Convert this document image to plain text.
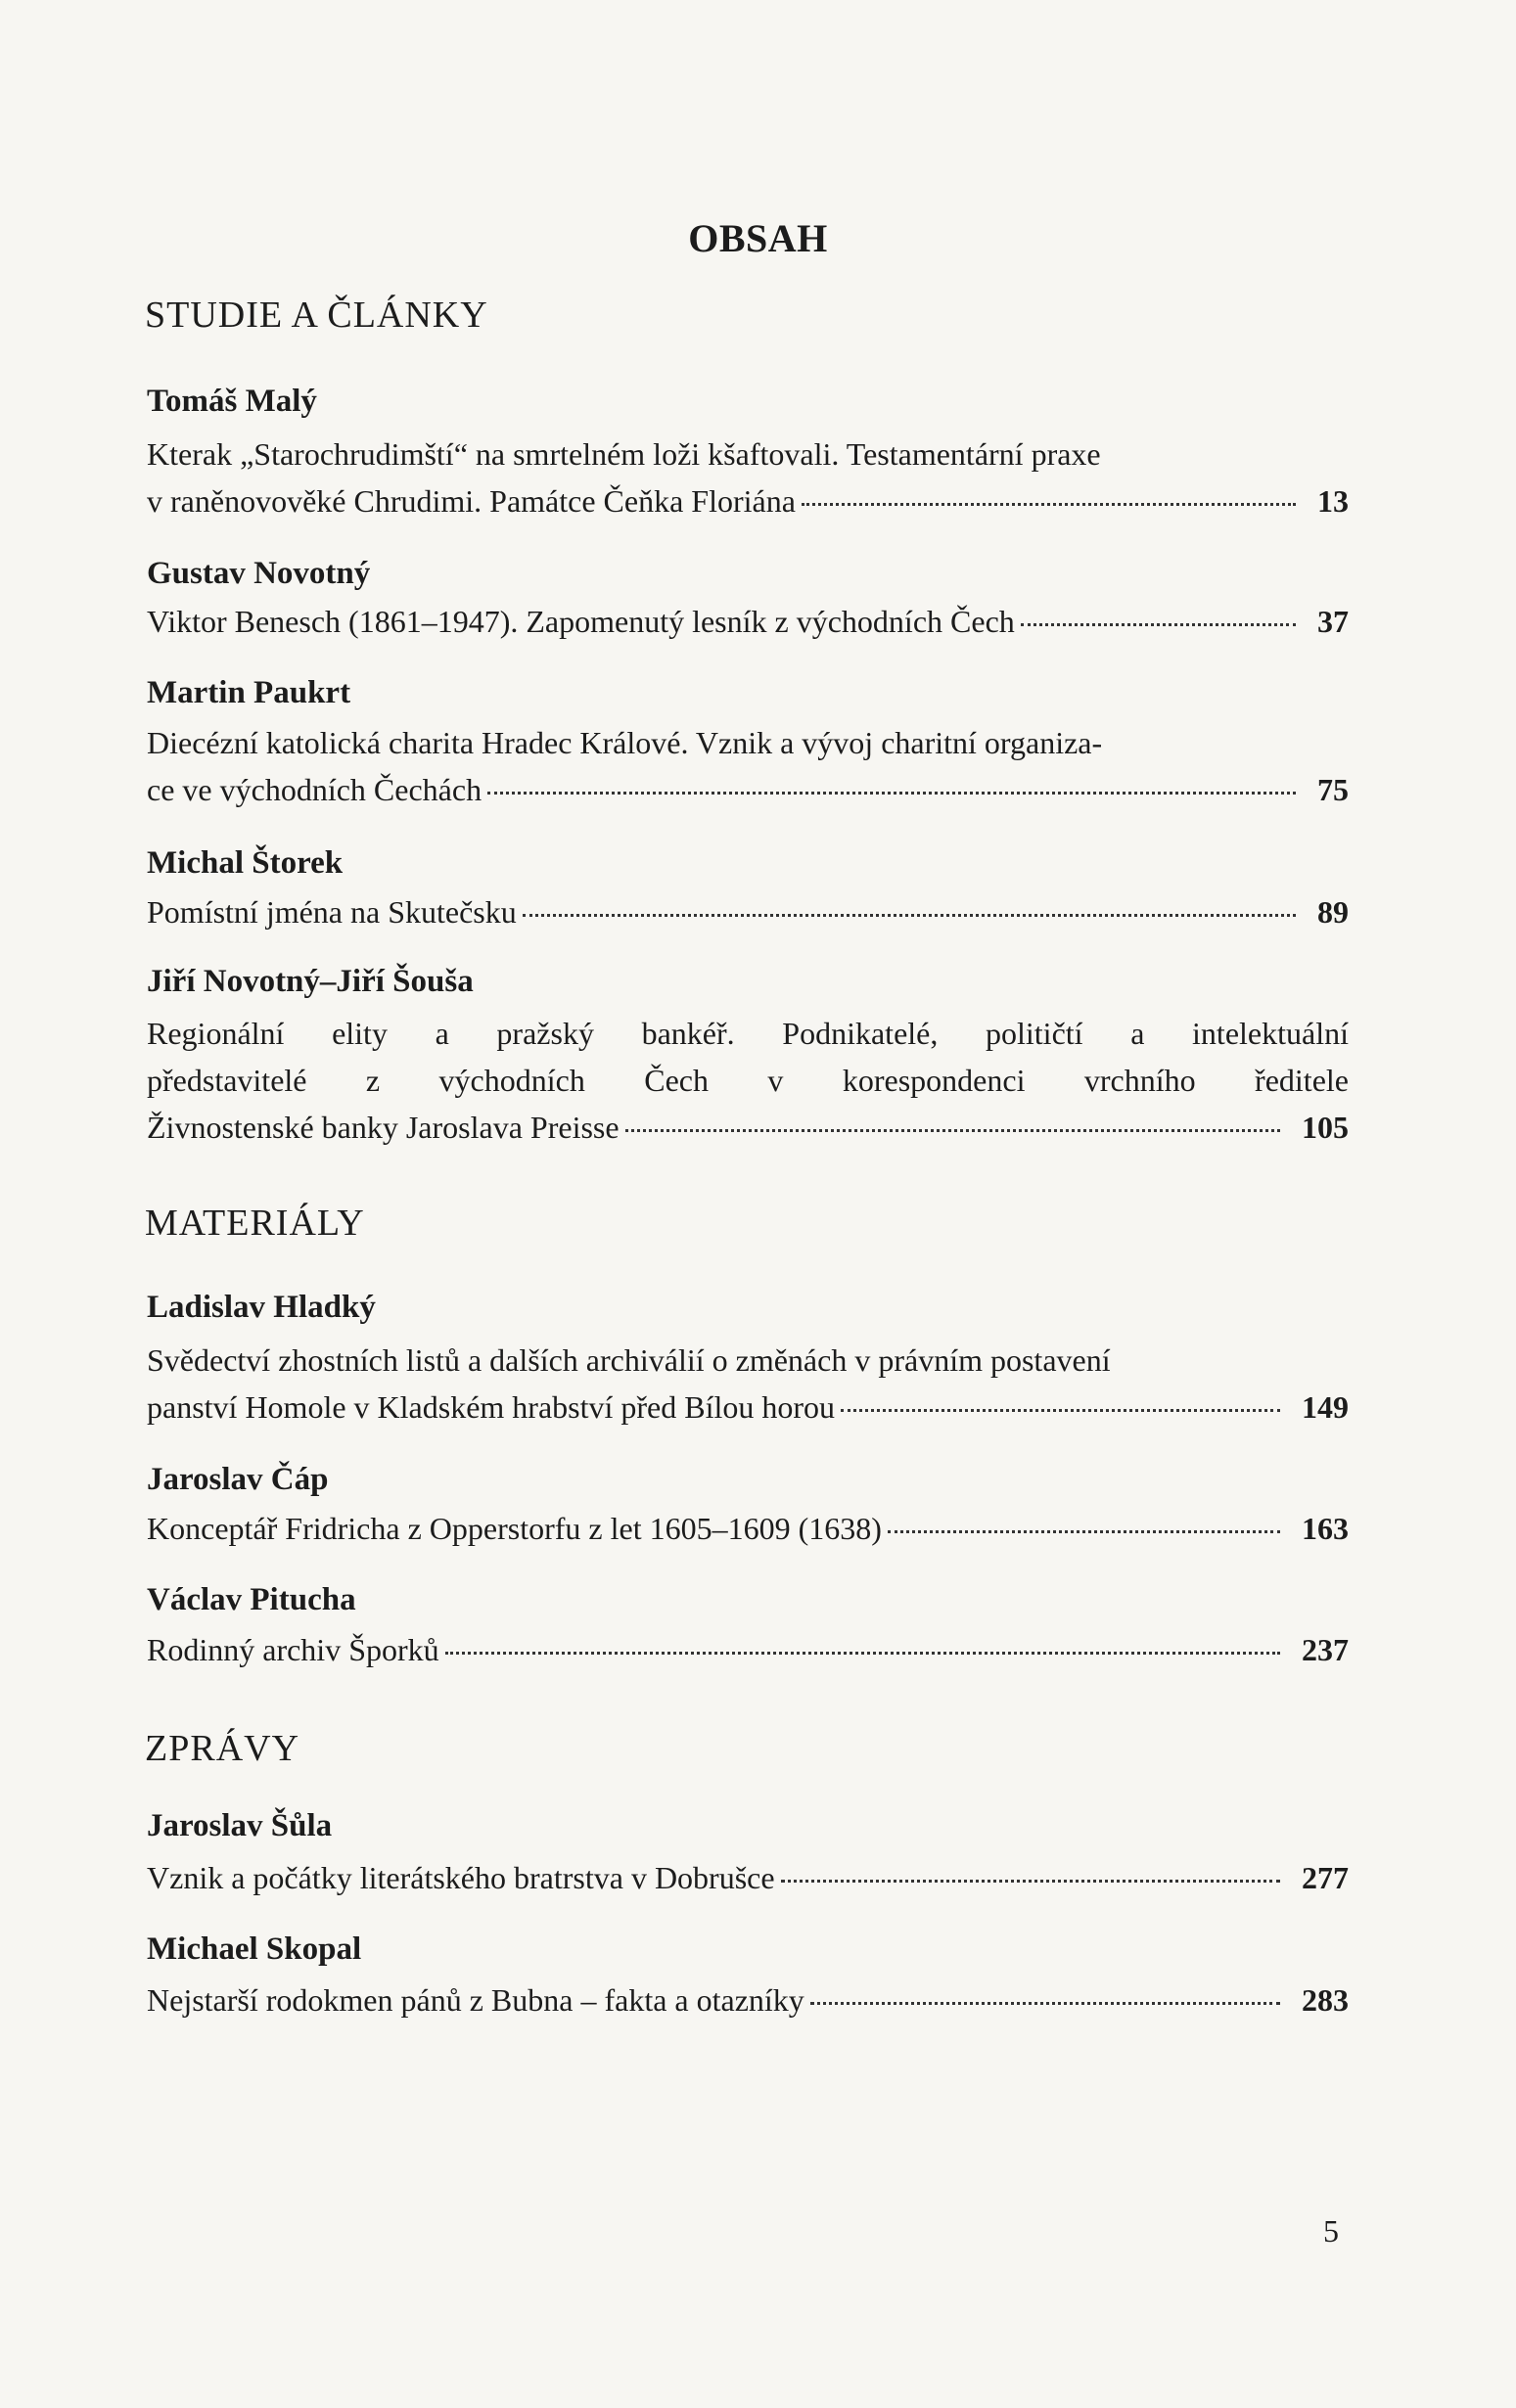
OBSAH
STUDIE A ČLÁNKY
Tomáš Malý
Kterak „Starochrudimští“ na smrtelném loži kšaftovali. Testamentární praxe
v raněnovověké Chrudimi. Památce Čeňka Floriána	13
Gustav Novotný
Viktor Benesch (1861–1947). Zapomenutý lesník z východních Čech	37
Martin Paukrt
Diecézní katolická charita Hradec Králové. Vznik a vývoj charitní organiza-
ce ve východních Čechách	75
Michal Štorek
Pomístní jména na Skutečsku	89
Jiří Novotný–Jiří Šouša
Regionální elity a pražský bankéř. Podnikatelé, političtí a intelektuální
představitelé z východních Čech v korespondenci vrchního ředitele
Živnostenské banky Jaroslava Preisse	105
MATERIÁLY
Ladislav Hladký
Svědectví zhostních listů a dalších archiválií o změnách v právním postavení
panství Homole v Kladském hrabství před Bílou horou	149
Jaroslav Čáp
Konceptář Fridricha z Opperstorfu z let 1605–1609 (1638)	163
Václav Pitucha
Rodinný archiv Šporků	237
ZPRÁVY
Jaroslav Šůla
Vznik a počátky literátského bratrstva v Dobrušce	277
Michael Skopal
Nejstarší rodokmen pánů z Bubna – fakta a otazníky	283
5
